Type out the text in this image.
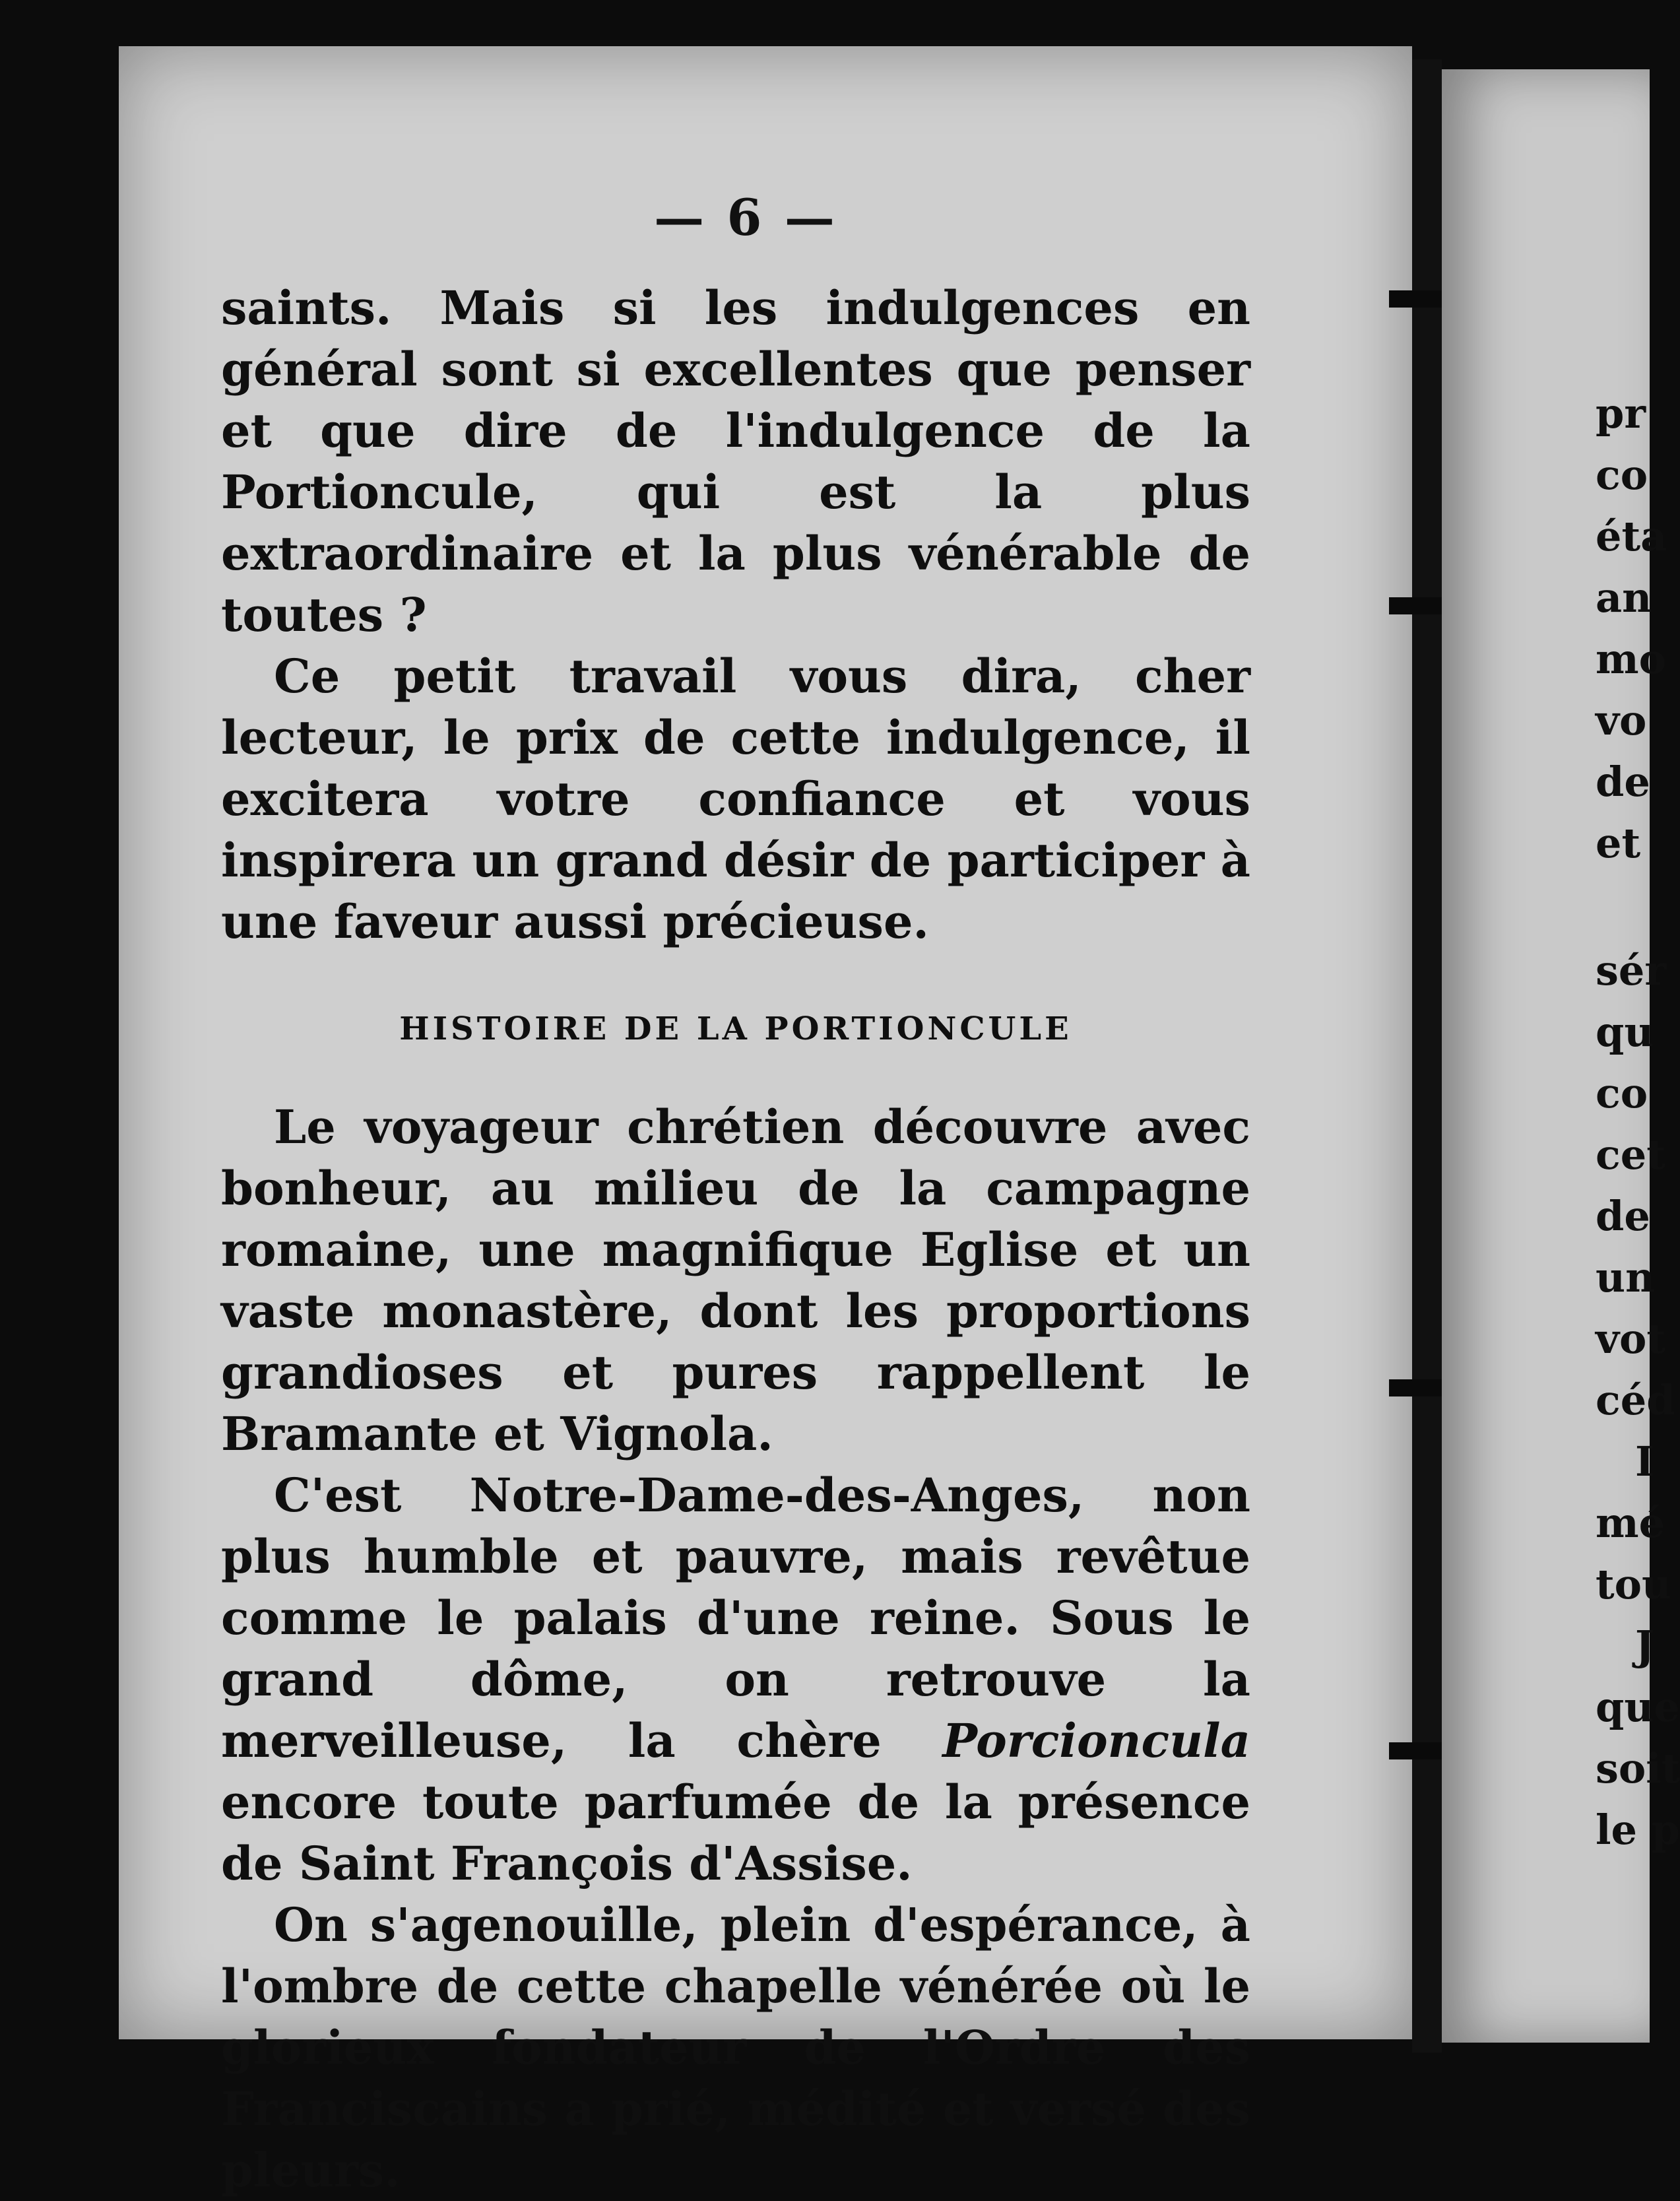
— 6 —

saints. Mais si les indulgences en général sont si excellentes que penser et que dire de l'indulgence de la Portioncule, qui est la plus extraordinaire et la plus vénérable de toutes ?

Ce petit travail vous dira, cher lecteur, le prix de cette indulgence, il excitera votre confiance et vous inspirera un grand désir de participer à une faveur aussi précieuse.

HISTOIRE DE LA PORTIONCULE

Le voyageur chrétien découvre avec bonheur, au milieu de la campagne romaine, une magnifique Eglise et un vaste monastère, dont les proportions grandioses et pures rappellent le Bramante et Vignola.

C'est Notre-Dame-des-Anges, non plus humble et pauvre, mais revêtue comme le palais d'une reine. Sous le grand dôme, on retrouve la merveilleuse, la chère Porcioncula encore toute parfumée de la présence de Saint François d'Assise.

On s'agenouille, plein d'espérance, à l'ombre de cette chapelle vénérée où le glorieux fondateur de l'Ordre des Franciscains a prié, médité et versé des pleurs.

pr
co
éta
an
mo
vo
de
et
sér
qu
co
cet
de
un
vot
céd
I
mé
tou
J
que
soit
le p
